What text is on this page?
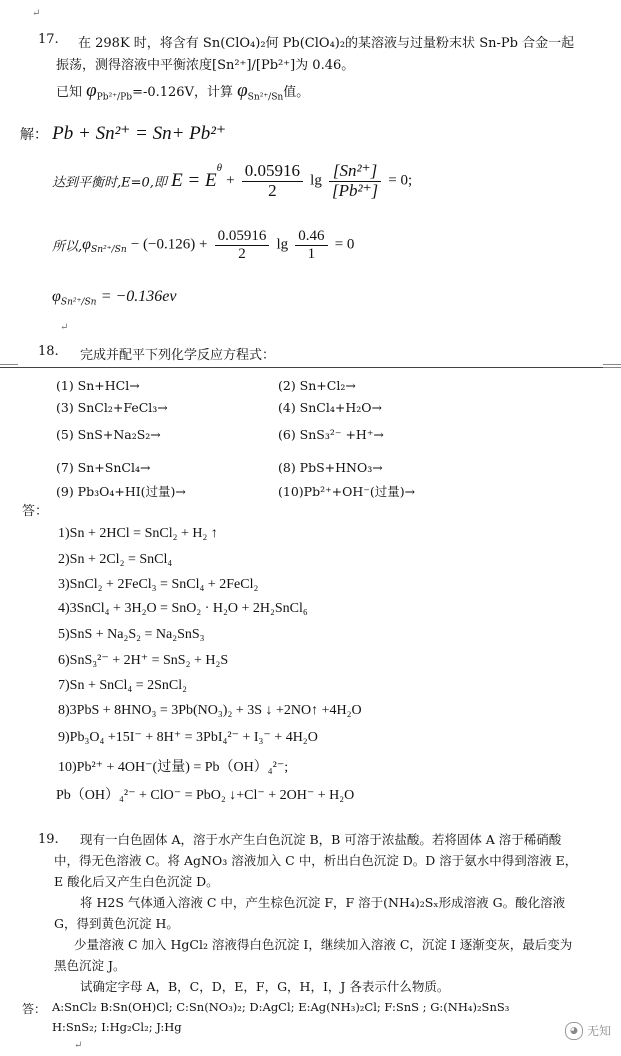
↵
17. 在 298K 时，将含有 Sn(ClO₄)₂何 Pb(ClO₄)₂的某溶液与过量粉末状 Sn-Pb 合金一起
振荡，测得溶液中平衡浓度[Sn²⁺]/[Pb²⁺]为 0.46。
已知 $\varphi_{Pb^{2+}/Pb}=-0.126V$，计算 $\varphi_{Sn^{2+}/Sn}$值。
解： Pb + Sn²⁺ = Sn+ Pb²⁺
达到平衡时,E=0,即 $E = E^\theta + \frac{0.05916}{2}$ $\lg \frac{\text{[Sn²⁺]}}{\text{[Pb²⁺]}} = 0$;
所以$,\varphi_{Sn^{2+}/Sn} - (-0.126) + \frac{0.05916}{2}$ $\lg \frac{0.46}{1} = 0$
$\varphi_{Sn^{2+}/Sn} = -0.136ev$
↵
18. 完成并配平下列化学反应方程式：
(1) Sn+HCl→	(2) Sn+Cl₂→
(3) SnCl₂+FeCl₃→	(4) SnCl₄+H₂O→
(5) SnS+Na₂S₂→	(6) SnS₃²⁻ +H⁺→
(7) Sn+SnCl₄→	(8) PbS+HNO₃→
(9) Pb₃O₄+HI(过量)→	(10)Pb²⁺+OH⁻(过量)→
答：
1)Sn + 2HCl = SnCl₂ + H₂ ↑
2)Sn + 2Cl₂ = SnCl₄
3)SnCl₂ + 2FeCl₃ = SnCl₄ + 2FeCl₂
4)3SnCl₄ + 3H₂O = SnO₂ · H₂O + 2H₂SnCl₆
5)SnS + Na₂S₂ = Na₂SnS₃
6)SnS₃²⁻ + 2H⁺ = SnS₂ + H₂S
7)Sn + SnCl₄ = 2SnCl₂
8)3PbS + 8HNO₃ = 3Pb(NO₃)₂ + 3S ↓ +2NO↑ +4H₂O
9)Pb₃O₄ +15I⁻ + 8H⁺ = 3PbI₄²⁻ + I₃⁻ + 4H₂O
10)Pb²⁺ + 4OH⁻(过量) = Pb（OH）₄²⁻;
Pb（OH）₄²⁻ + ClO⁻ = PbO₂ ↓+Cl⁻ + 2OH⁻ + H₂O
19.	现有一白色固体 A，溶于水产生白色沉淀 B，B 可溶于浓盐酸。若将固体 A 溶于稀硝酸中，得无色溶液 C。将 AgNO₃ 溶液加入 C 中，析出白色沉淀 D。D 溶于氨水中得到溶液 E，E 酸化后又产生白色沉淀 D。
将 H2S 气体通入溶液 C 中，产生棕色沉淀 F，F 溶于(NH₄)₂Sₓ形成溶液 G。酸化溶液 G，得到黄色沉淀 H。
少量溶液 C 加入 HgCl₂ 溶液得白色沉淀 I，继续加入溶液 C，沉淀 I 逐渐变灰，最后变为黑色沉淀 J。
试确定字母 A，B，C，D，E，F，G，H，I，J 各表示什么物质。
答： A:SnCl₂ B:Sn(OH)Cl; C:Sn(NO₃)₂; D:AgCl; E:Ag(NH₃)₂Cl; F:SnS ; G:(NH₄)₂SnS₃
H:SnS₂; I:Hg₂Cl₂; J:Hg
↵
◕ 无知
